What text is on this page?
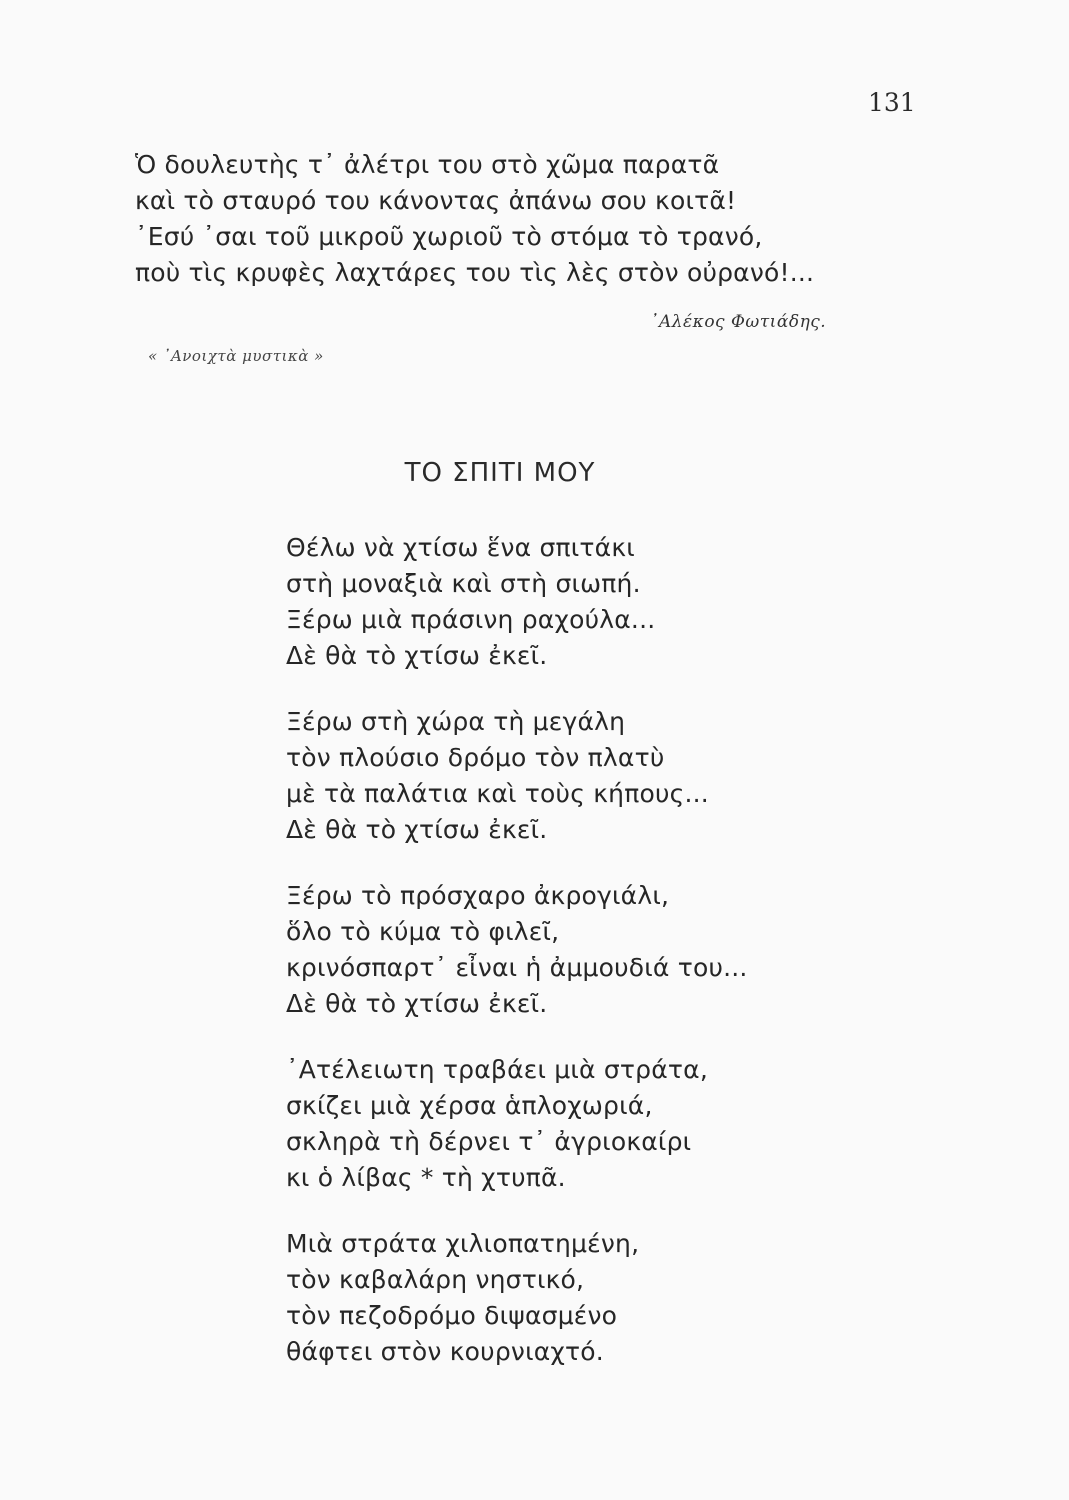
131
Ὁ δουλευτὴς τ᾽ ἀλέτρι του στὸ χῶμα παρατᾶ
καὶ τὸ σταυρό του κάνοντας ἀπάνω σου κοιτᾶ!
᾽Εσύ ᾽σαι τοῦ μικροῦ χωριοῦ τὸ στόμα τὸ τρανό,
ποὺ τὶς κρυφὲς λαχτάρες του τὶς λὲς στὸν οὐρανό!...
᾽Αλέκος Φωτιάδης.
« ᾽Ανοιχτὰ μυστικὰ »
ΤΟ ΣΠΙΤΙ ΜΟΥ
Θέλω νὰ χτίσω ἕνα σπιτάκι
στὴ μοναξιὰ καὶ στὴ σιωπή.
Ξέρω μιὰ πράσινη ραχούλα...
Δὲ θὰ τὸ χτίσω ἐκεῖ.
Ξέρω στὴ χώρα τὴ μεγάλη
τὸν πλούσιο δρόμο τὸν πλατὺ
μὲ τὰ παλάτια καὶ τοὺς κήπους...
Δὲ θὰ τὸ χτίσω ἐκεῖ.
Ξέρω τὸ πρόσχαρο ἀκρογιάλι,
ὅλο τὸ κύμα τὸ φιλεῖ,
κρινόσπαρτ᾽ εἶναι ἡ ἀμμουδιά του...
Δὲ θὰ τὸ χτίσω ἐκεῖ.
᾽Ατέλειωτη τραβάει μιὰ στράτα,
σκίζει μιὰ χέρσα ἁπλοχωριά,
σκληρὰ τὴ δέρνει τ᾽ ἀγριοκαίρι
κι ὁ λίβας * τὴ χτυπᾶ.
Μιὰ στράτα χιλιοπατημένη,
τὸν καβαλάρη νηστικό,
τὸν πεζοδρόμο διψασμένο
θάφτει στὸν κουρνιαχτό.
